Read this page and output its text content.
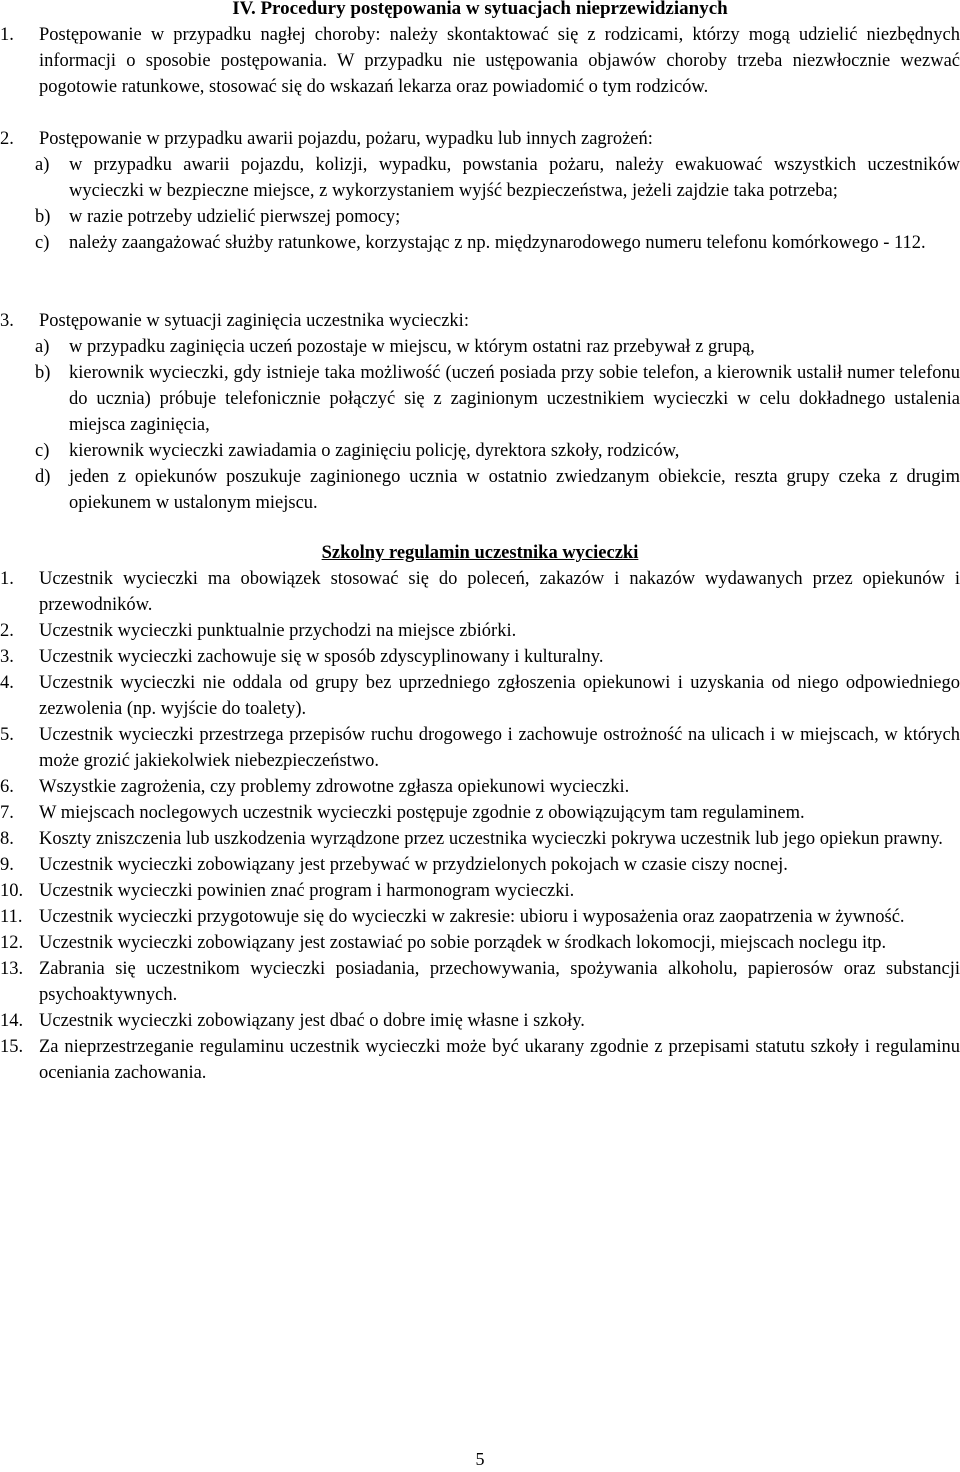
IV. Procedury postępowania w sytuacjach nieprzewidzianych
1.	Postępowanie w przypadku nagłej choroby: należy skontaktować się z rodzicami, którzy mogą udzielić niezbędnych informacji o sposobie postępowania. W przypadku nie ustępowania objawów choroby trzeba niezwłocznie wezwać pogotowie ratunkowe, stosować się do wskazań lekarza oraz powiadomić o tym rodziców.
2.	Postępowanie w przypadku awarii pojazdu, pożaru, wypadku lub innych zagrożeń:
a)	w przypadku awarii pojazdu, kolizji, wypadku, powstania pożaru, należy ewakuować wszystkich uczestników wycieczki w bezpieczne miejsce, z wykorzystaniem wyjść bezpieczeństwa, jeżeli zajdzie taka potrzeba;
b)	w razie potrzeby udzielić pierwszej pomocy;
c)	należy zaangażować służby ratunkowe, korzystając z np. międzynarodowego numeru telefonu komórkowego - 112.
3.	Postępowanie w sytuacji zaginięcia uczestnika wycieczki:
a)	w przypadku zaginięcia uczeń pozostaje w miejscu, w którym ostatni raz przebywał z grupą,
b)	kierownik wycieczki, gdy istnieje taka możliwość (uczeń posiada przy sobie telefon, a kierownik ustalił numer telefonu do ucznia) próbuje telefonicznie połączyć się z zaginionym uczestnikiem wycieczki w celu dokładnego ustalenia miejsca zaginięcia,
c)	kierownik wycieczki zawiadamia o zaginięciu policję, dyrektora szkoły, rodziców,
d)	jeden z opiekunów poszukuje zaginionego ucznia w ostatnio zwiedzanym obiekcie, reszta grupy czeka z drugim opiekunem w ustalonym miejscu.
Szkolny regulamin uczestnika wycieczki
1.	Uczestnik wycieczki ma obowiązek stosować się do poleceń, zakazów i nakazów wydawanych przez opiekunów i przewodników.
2.	Uczestnik wycieczki punktualnie przychodzi na miejsce zbiórki.
3.	Uczestnik wycieczki zachowuje się w sposób zdyscyplinowany i kulturalny.
4.	Uczestnik wycieczki nie oddala od grupy bez uprzedniego zgłoszenia opiekunowi i uzyskania od niego odpowiedniego zezwolenia (np. wyjście do toalety).
5.	Uczestnik wycieczki przestrzega przepisów ruchu drogowego i zachowuje ostrożność na ulicach i w miejscach, w których może grozić jakiekolwiek niebezpieczeństwo.
6.	Wszystkie zagrożenia, czy problemy zdrowotne zgłasza opiekunowi wycieczki.
7.	W miejscach noclegowych uczestnik wycieczki postępuje zgodnie z obowiązującym tam regulaminem.
8.	Koszty zniszczenia lub uszkodzenia wyrządzone przez uczestnika wycieczki pokrywa uczestnik lub jego opiekun prawny.
9.	Uczestnik wycieczki zobowiązany jest przebywać w przydzielonych pokojach w czasie ciszy nocnej.
10. Uczestnik wycieczki powinien znać program i harmonogram wycieczki.
11. Uczestnik wycieczki przygotowuje się do wycieczki w zakresie: ubioru i wyposażenia oraz zaopatrzenia w żywność.
12. Uczestnik wycieczki zobowiązany jest zostawiać po sobie porządek w środkach lokomocji, miejscach noclegu itp.
13. Zabrania się uczestnikom wycieczki posiadania, przechowywania, spożywania alkoholu, papierosów oraz substancji psychoaktywnych.
14. Uczestnik wycieczki zobowiązany jest dbać o dobre imię własne i szkoły.
15. Za nieprzestrzeganie regulaminu uczestnik wycieczki może być ukarany zgodnie z przepisami statutu szkoły i regulaminu oceniania zachowania.
5
